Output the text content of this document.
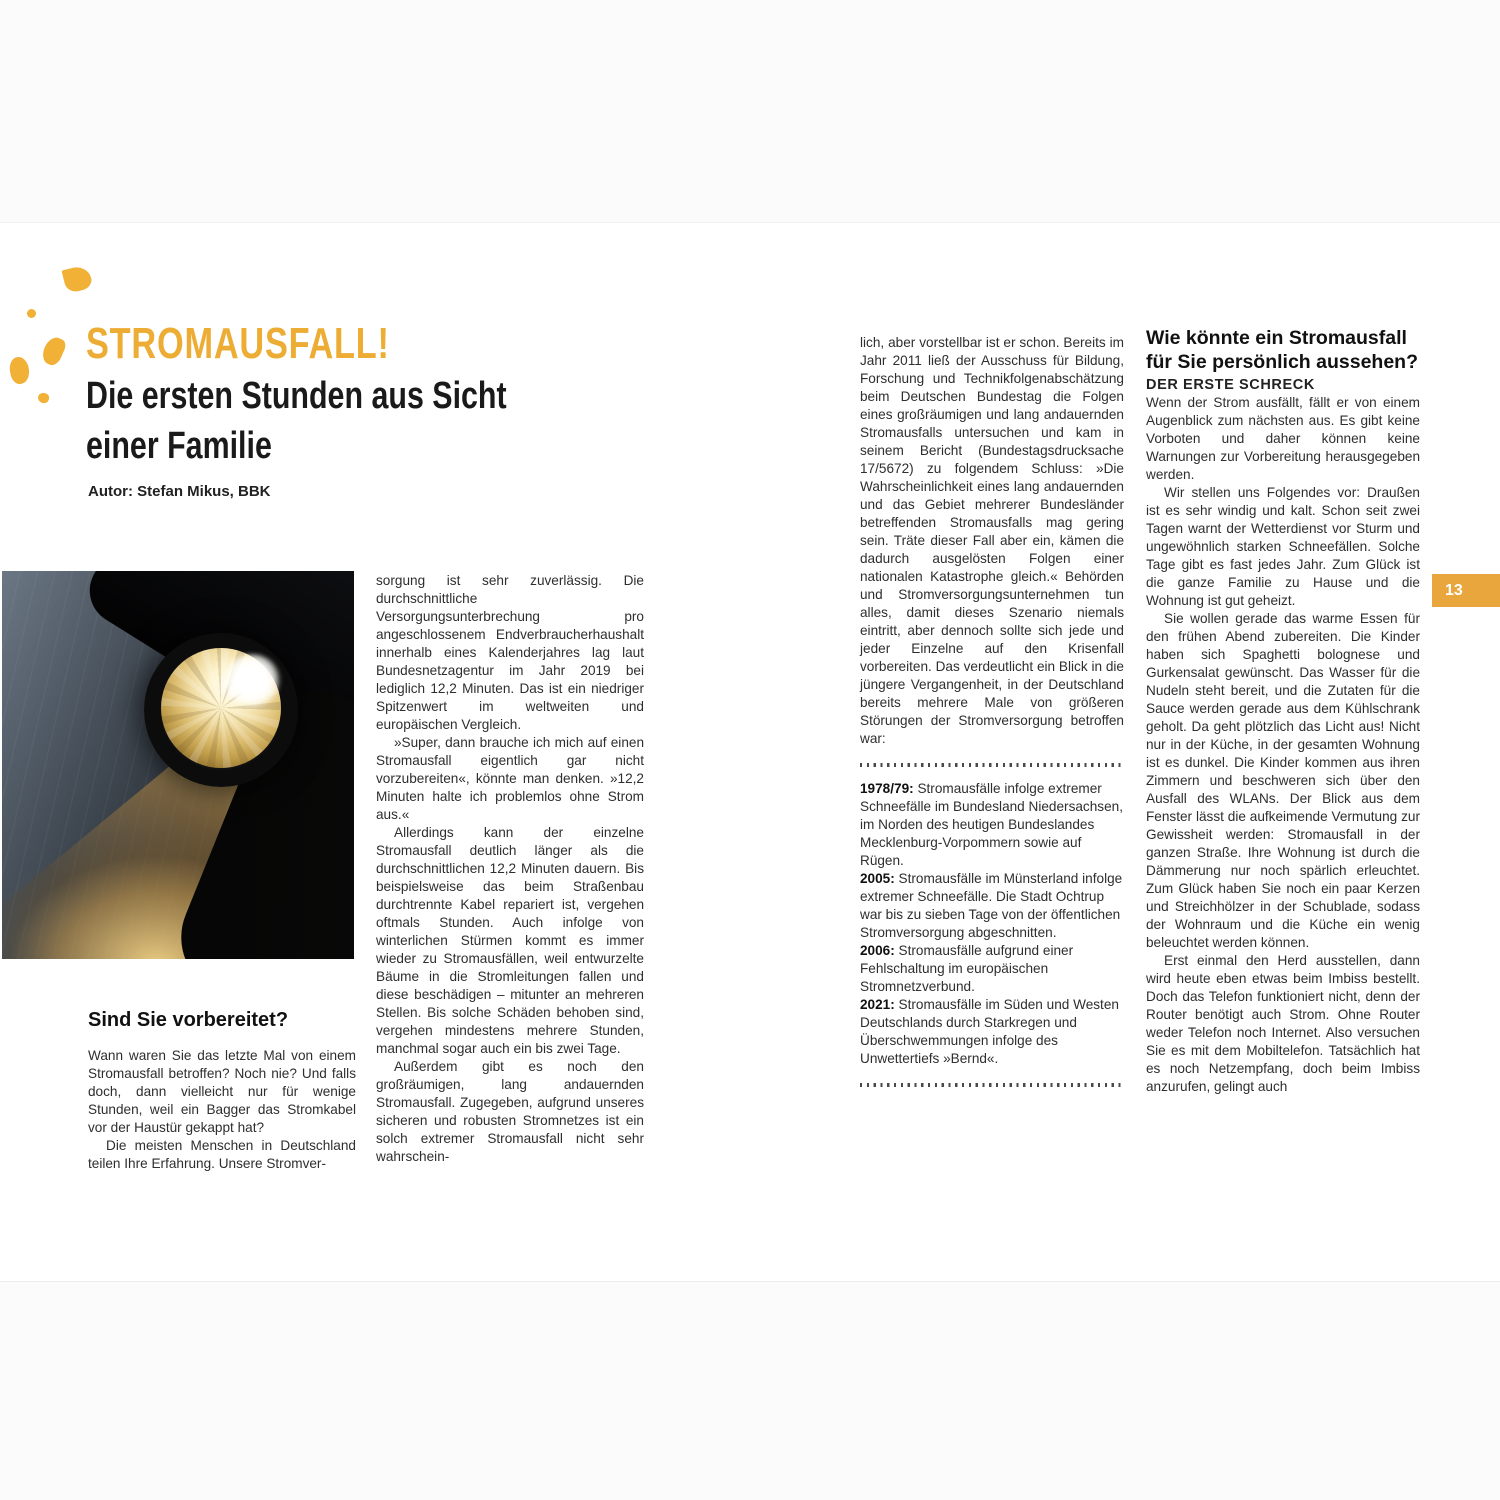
STROMAUSFALL!
Die ersten Stunden aus Sicht
einer Familie

Autor: Stefan Mikus, BBK

Sind Sie vorbereitet?

Wann waren Sie das letzte Mal von einem Stromausfall betroffen? Noch nie? Und falls doch, dann vielleicht nur für wenige Stunden, weil ein Bagger das Stromkabel vor der Haustür gekappt hat?

Die meisten Menschen in Deutschland teilen Ihre Erfahrung. Unsere Stromver-

sorgung ist sehr zuverlässig. Die durchschnittliche Versorgungsunterbrechung pro angeschlossenem Endverbraucherhaushalt innerhalb eines Kalenderjahres lag laut Bundesnetzagentur im Jahr 2019 bei lediglich 12,2 Minuten. Das ist ein niedriger Spitzenwert im weltweiten und europäischen Vergleich.

»Super, dann brauche ich mich auf einen Stromausfall eigentlich gar nicht vorzubereiten«, könnte man denken. »12,2 Minuten halte ich problemlos ohne Strom aus.«

Allerdings kann der einzelne Stromausfall deutlich länger als die durchschnittlichen 12,2 Minuten dauern. Bis beispielsweise das beim Straßenbau durchtrennte Kabel repariert ist, vergehen oftmals Stunden. Auch infolge von winterlichen Stürmen kommt es immer wieder zu Stromausfällen, weil entwurzelte Bäume in die Stromleitungen fallen und diese beschädigen – mitunter an mehreren Stellen. Bis solche Schäden behoben sind, vergehen mindestens mehrere Stunden, manchmal sogar auch ein bis zwei Tage.

Außerdem gibt es noch den großräumigen, lang andauernden Stromausfall. Zugegeben, aufgrund unseres sicheren und robusten Stromnetzes ist ein solch extremer Stromausfall nicht sehr wahrschein-

lich, aber vorstellbar ist er schon. Bereits im Jahr 2011 ließ der Ausschuss für Bildung, Forschung und Technikfolgenabschätzung beim Deutschen Bundestag die Folgen eines großräumigen und lang andauernden Stromausfalls untersuchen und kam in seinem Bericht (Bundestagsdrucksache 17/5672) zu folgendem Schluss: »Die Wahrscheinlichkeit eines lang andauernden und das Gebiet mehrerer Bundesländer betreffenden Stromausfalls mag gering sein. Träte dieser Fall aber ein, kämen die dadurch ausgelösten Folgen einer nationalen Katastrophe gleich.« Behörden und Stromversorgungsunternehmen tun alles, damit dieses Szenario niemals eintritt, aber dennoch sollte sich jede und jeder Einzelne auf den Krisenfall vorbereiten. Das verdeutlicht ein Blick in die jüngere Vergangenheit, in der Deutschland bereits mehrere Male von größeren Störungen der Stromversorgung betroffen war:

1978/79: Stromausfälle infolge extremer Schneefälle im Bundesland Niedersachsen, im Norden des heutigen Bundeslandes Mecklenburg-Vorpommern sowie auf Rügen.

2005: Stromausfälle im Münsterland infolge extremer Schneefälle. Die Stadt Ochtrup war bis zu sieben Tage von der öffentlichen Stromversorgung abgeschnitten.

2006: Stromausfälle aufgrund einer Fehlschaltung im europäischen Stromnetzverbund.

2021: Stromausfälle im Süden und Westen Deutschlands durch Starkregen und Überschwemmungen infolge des Unwettertiefs »Bernd«.

Wie könnte ein Stromausfall für Sie persönlich aussehen?

DER ERSTE SCHRECK

Wenn der Strom ausfällt, fällt er von einem Augenblick zum nächsten aus. Es gibt keine Vorboten und daher können keine Warnungen zur Vorbereitung herausgegeben werden.

Wir stellen uns Folgendes vor: Draußen ist es sehr windig und kalt. Schon seit zwei Tagen warnt der Wetterdienst vor Sturm und ungewöhnlich starken Schneefällen. Solche Tage gibt es fast jedes Jahr. Zum Glück ist die ganze Familie zu Hause und die Wohnung ist gut geheizt.

Sie wollen gerade das warme Essen für den frühen Abend zubereiten. Die Kinder haben sich Spaghetti bolognese und Gurkensalat gewünscht. Das Wasser für die Nudeln steht bereit, und die Zutaten für die Sauce werden gerade aus dem Kühlschrank geholt. Da geht plötzlich das Licht aus! Nicht nur in der Küche, in der gesamten Wohnung ist es dunkel. Die Kinder kommen aus ihren Zimmern und beschweren sich über den Ausfall des WLANs. Der Blick aus dem Fenster lässt die aufkeimende Vermutung zur Gewissheit werden: Stromausfall in der ganzen Straße. Ihre Wohnung ist durch die Dämmerung nur noch spärlich erleuchtet. Zum Glück haben Sie noch ein paar Kerzen und Streichhölzer in der Schublade, sodass der Wohnraum und die Küche ein wenig beleuchtet werden können.

Erst einmal den Herd ausstellen, dann wird heute eben etwas beim Imbiss bestellt. Doch das Telefon funktioniert nicht, denn der Router benötigt auch Strom. Ohne Router weder Telefon noch Internet. Also versuchen Sie es mit dem Mobiltelefon. Tatsächlich hat es noch Netzempfang, doch beim Imbiss anzurufen, gelingt auch

13
